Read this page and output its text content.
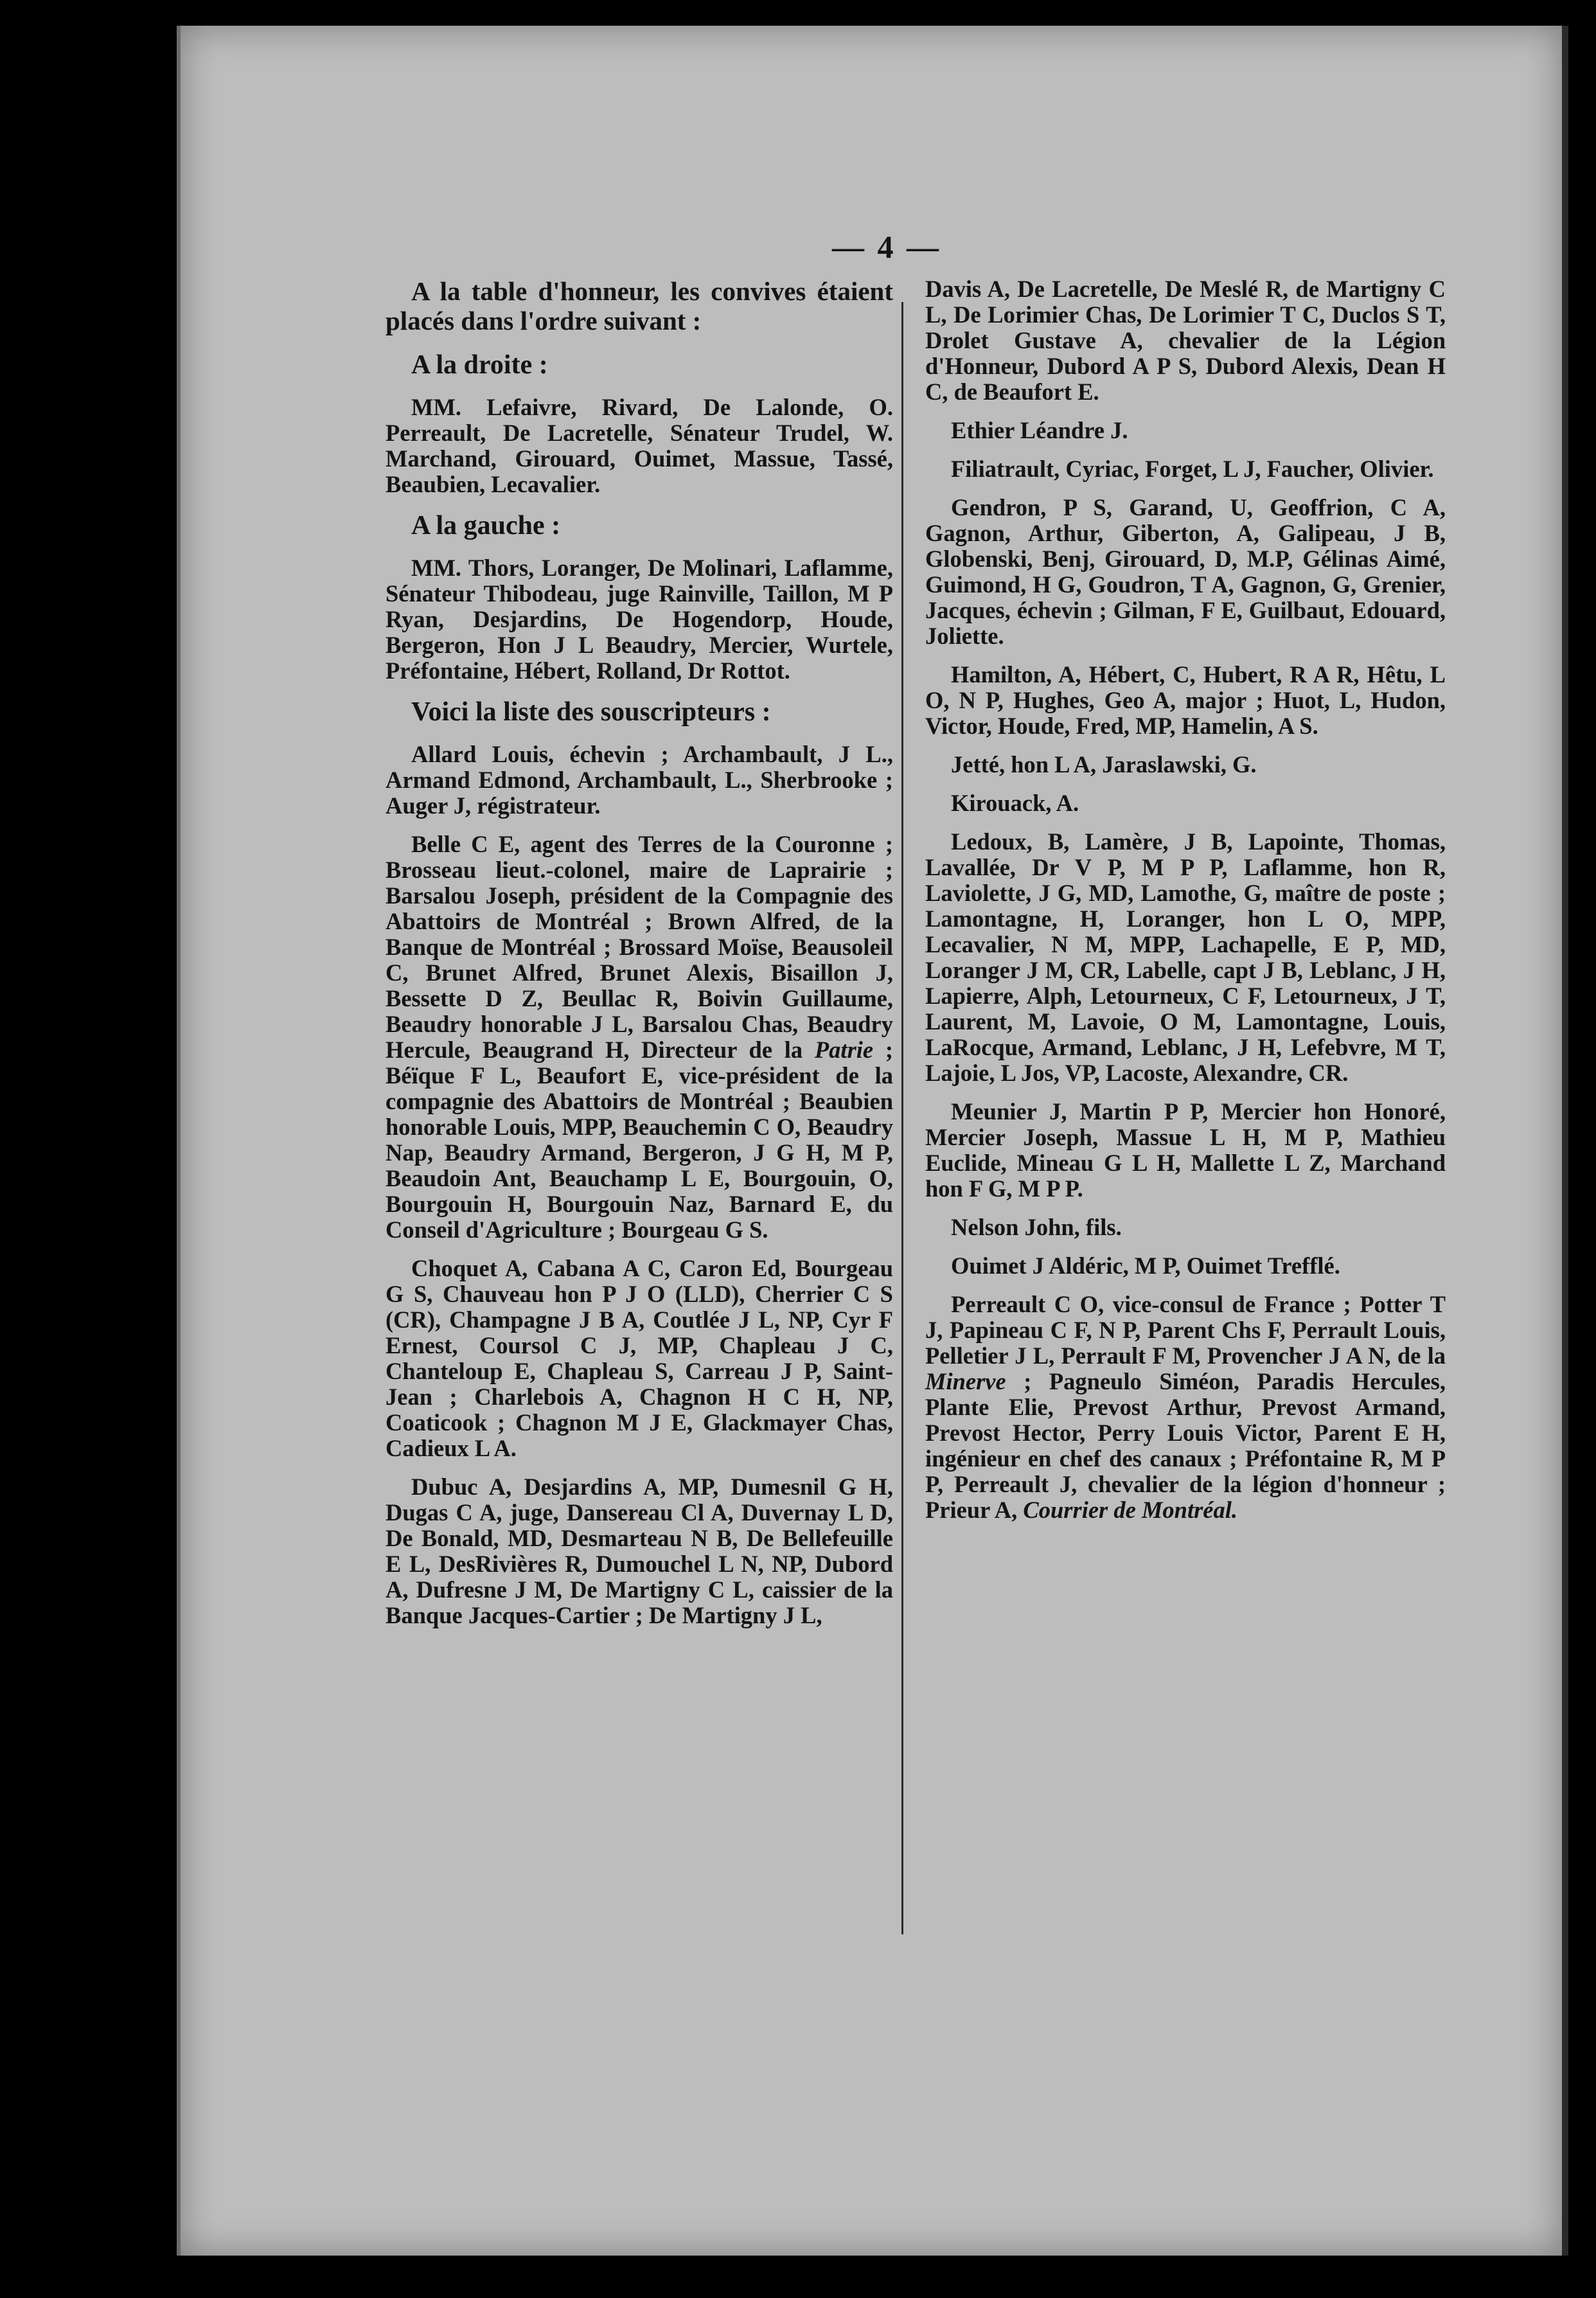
— 4 —

A la table d'honneur, les convives étaient placés dans l'ordre suivant :

A la droite :

MM. Lefaivre, Rivard, De Lalonde, O. Perreault, De Lacretelle, Sénateur Trudel, W. Marchand, Girouard, Ouimet, Massue, Tassé, Beaubien, Lecavalier.

A la gauche :

MM. Thors, Loranger, De Molinari, Laflamme, Sénateur Thibodeau, juge Rainville, Taillon, M P Ryan, Desjardins, De Hogendorp, Houde, Bergeron, Hon J L Beaudry, Mercier, Wurtele, Préfontaine, Hébert, Rolland, Dr Rottot.

Voici la liste des souscripteurs :

Allard Louis, échevin ; Archambault, J L., Armand Edmond, Archambault, L., Sherbrooke ; Auger J, régistrateur.

Belle C E, agent des Terres de la Couronne ; Brosseau lieut.-colonel, maire de Laprairie ; Barsalou Joseph, président de la Compagnie des Abattoirs de Montréal ; Brown Alfred, de la Banque de Montréal ; Brossard Moïse, Beausoleil C, Brunet Alfred, Brunet Alexis, Bisaillon J, Bessette D Z, Beullac R, Boivin Guillaume, Beaudry honorable J L, Barsalou Chas, Beaudry Hercule, Beaugrand H, Directeur de la Patrie ; Béïque F L, Beaufort E, vice-président de la compagnie des Abattoirs de Montréal ; Beaubien honorable Louis, MPP, Beauchemin C O, Beaudry Nap, Beaudry Armand, Bergeron, J G H, M P, Beaudoin Ant, Beauchamp L E, Bourgouin, O, Bourgouin H, Bourgouin Naz, Barnard E, du Conseil d'Agriculture ; Bourgeau G S.

Choquet A, Cabana A C, Caron Ed, Bourgeau G S, Chauveau hon P J O (LLD), Cherrier C S (CR), Champagne J B A, Coutlée J L, NP, Cyr F Ernest, Coursol C J, MP, Chapleau J C, Chanteloup E, Chapleau S, Carreau J P, Saint-Jean ; Charlebois A, Chagnon H C H, NP, Coaticook ; Chagnon M J E, Glackmayer Chas, Cadieux L A.

Dubuc A, Desjardins A, MP, Dumesnil G H, Dugas C A, juge, Dansereau Cl A, Duvernay L D, De Bonald, MD, Desmarteau N B, De Bellefeuille E L, DesRivières R, Dumouchel L N, NP, Dubord A, Dufresne J M, De Martigny C L, caissier de la Banque Jacques-Cartier ; De Martigny J L,

Davis A, De Lacretelle, De Meslé R, de Martigny C L, De Lorimier Chas, De Lorimier T C, Duclos S T, Drolet Gustave A, chevalier de la Légion d'Honneur, Dubord A P S, Dubord Alexis, Dean H C, de Beaufort E.

Ethier Léandre J.

Filiatrault, Cyriac, Forget, L J, Faucher, Olivier.

Gendron, P S, Garand, U, Geoffrion, C A, Gagnon, Arthur, Giberton, A, Galipeau, J B, Globenski, Benj, Girouard, D, M.P, Gélinas Aimé, Guimond, H G, Goudron, T A, Gagnon, G, Grenier, Jacques, échevin ; Gilman, F E, Guilbaut, Edouard, Joliette.

Hamilton, A, Hébert, C, Hubert, R A R, Hêtu, L O, N P, Hughes, Geo A, major ; Huot, L, Hudon, Victor, Houde, Fred, MP, Hamelin, A S.

Jetté, hon L A, Jaraslawski, G.

Kirouack, A.

Ledoux, B, Lamère, J B, Lapointe, Thomas, Lavallée, Dr V P, M P P, Laflamme, hon R, Laviolette, J G, MD, Lamothe, G, maître de poste ; Lamontagne, H, Loranger, hon L O, MPP, Lecavalier, N M, MPP, Lachapelle, E P, MD, Loranger J M, CR, Labelle, capt J B, Leblanc, J H, Lapierre, Alph, Letourneux, C F, Letourneux, J T, Laurent, M, Lavoie, O M, Lamontagne, Louis, LaRocque, Armand, Leblanc, J H, Lefebvre, M T, Lajoie, L Jos, VP, Lacoste, Alexandre, CR.

Meunier J, Martin P P, Mercier hon Honoré, Mercier Joseph, Massue L H, M P, Mathieu Euclide, Mineau G L H, Mallette L Z, Marchand hon F G, M P P.

Nelson John, fils.

Ouimet J Aldéric, M P, Ouimet Trefflé.

Perreault C O, vice-consul de France ; Potter T J, Papineau C F, N P, Parent Chs F, Perrault Louis, Pelletier J L, Perrault F M, Provencher J A N, de la Minerve ; Pagneulo Siméon, Paradis Hercules, Plante Elie, Prevost Arthur, Prevost Armand, Prevost Hector, Perry Louis Victor, Parent E H, ingénieur en chef des canaux ; Préfontaine R, M P P, Perreault J, chevalier de la légion d'honneur ; Prieur A, Courrier de Montréal.
